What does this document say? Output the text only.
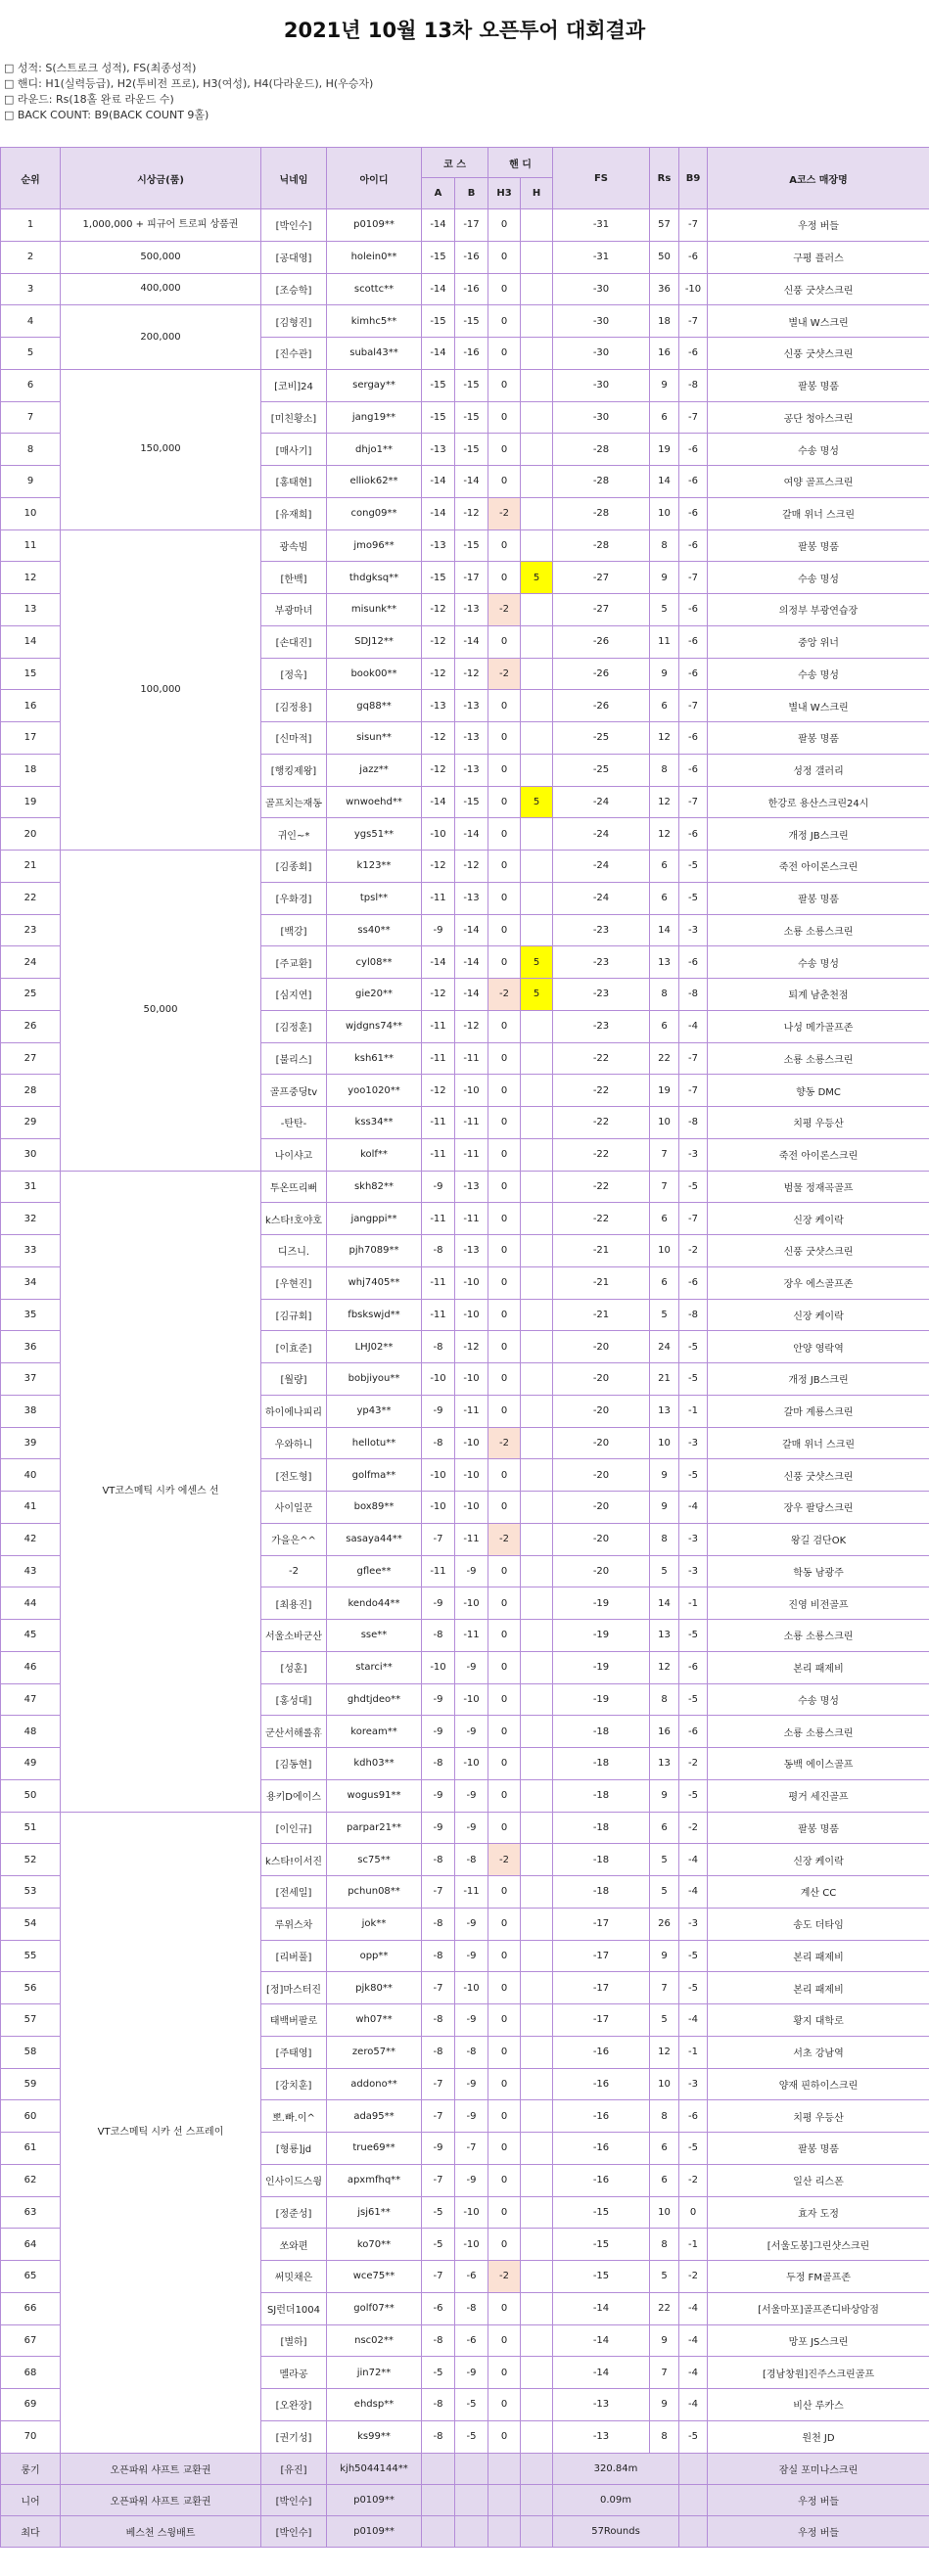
2021년 10월 13차 오픈투어 대회결과
□ 성적: S(스트로크 성적), FS(최종성적)
□ 핸디: H1(실력등급), H2(투비전 프로), H3(여성), H4(다라운드), H(우승자)
□ 라운드: Rs(18홀 완료 라운드 수)
□ BACK COUNT: B9(BACK COUNT 9홀)
순위	시상금(품)	닉네임	아이디	코 스		핸 디		FS	Rs	B9	A코스 매장명
				A	B	H3	H				
1	1,000,000 + 피규어 트로피 상품권	[박인수]	p0109**	-14	-17	0		-31	57	-7	우정 버들
2	500,000	[공대영]	holein0**	-15	-16	0		-31	50	-6	구평 플러스
3	400,000	[조승학]	scottc**	-14	-16	0		-30	36	-10	신풍 굿샷스크린
4	200,000	[김형진]	kimhc5**	-15	-15	0		-30	18	-7	별내 W스크린
5		[진수관]	subal43**	-14	-16	0		-30	16	-6	신풍 굿샷스크린
6	150,000	[코비]24	sergay**	-15	-15	0		-30	9	-8	팔봉 명품
7		[미친황소]	jang19**	-15	-15	0		-30	6	-7	공단 청아스크린
8		[매사기]	dhjo1**	-13	-15	0		-28	19	-6	수송 명성
9		[홍태현]	elliok62**	-14	-14	0		-28	14	-6	여양 골프스크린
10		[유재희]	cong09**	-14	-12	-2		-28	10	-6	갈매 위너 스크린
11	100,000	광속빔	jmo96**	-13	-15	0		-28	8	-6	팔봉 명품
12		[한백]	thdgksq**	-15	-17	0	5	-27	9	-7	수송 명성
13		부광마녀	misunk**	-12	-13	-2		-27	5	-6	의정부 부광연습장
14		[손대진]	SDJ12**	-12	-14	0		-26	11	-6	중앙 위너
15		[정옥]	book00**	-12	-12	-2		-26	9	-6	수송 명성
16		[김정용]	gq88**	-13	-13	0		-26	6	-7	별내 W스크린
17		[신마적]	sisun**	-12	-13	0		-25	12	-6	팔봉 명품
18		[행킹제왕]	jazz**	-12	-13	0		-25	8	-6	성정 갤러리
19		골프치는재동	wnwoehd**	-14	-15	0	5	-24	12	-7	한강로 용산스크린24시
20		귀인~*	ygs51**	-10	-14	0		-24	12	-6	개정 JB스크린
21	50,000	[김종회]	k123**	-12	-12	0		-24	6	-5	죽전 아이론스크린
22		[우화경]	tpsl**	-11	-13	0		-24	6	-5	팔봉 명품
23		[백강]	ss40**	-9	-14	0		-23	14	-3	소룡 소룡스크린
24		[주교환]	cyl08**	-14	-14	0	5	-23	13	-6	수송 명성
25		[심지연]	gie20**	-12	-14	-2	5	-23	8	-8	퇴계 남춘천점
26		[김정훈]	wjdgns74**	-11	-12	0		-23	6	-4	나성 메가골프존
27		[불리스]	ksh61**	-11	-11	0		-22	22	-7	소룡 소룡스크린
28		골프중딩tv	yoo1020**	-12	-10	0		-22	19	-7	향동 DMC
29		-탄탄-	kss34**	-11	-11	0		-22	10	-8	치평 우등산
30		나이샤고	kolf**	-11	-11	0		-22	7	-3	죽전 아이론스크린
31	VT코스메틱 시카 에센스 선	투온뜨리뻐	skh82**	-9	-13	0		-22	7	-5	범물 정재곡골프
32		k스타!호야호	jangppi**	-11	-11	0		-22	6	-7	신장 케이락
33		디즈니.	pjh7089**	-8	-13	0		-21	10	-2	신풍 굿샷스크린
34		[우현진]	whj7405**	-11	-10	0		-21	6	-6	장우 에스골프존
35		[김규회]	fbskswjd**	-11	-10	0		-21	5	-8	신장 케이락
36		[이효준]	LHJ02**	-8	-12	0		-20	24	-5	안양 영락역
37		[월량]	bobjiyou**	-10	-10	0		-20	21	-5	개정 JB스크린
38		하이에나피리	yp43**	-9	-11	0		-20	13	-1	갈마 계룡스크린
39		우와하니	hellotu**	-8	-10	-2		-20	10	-3	갈매 위너 스크린
40		[전도형]	golfma**	-10	-10	0		-20	9	-5	신풍 굿샷스크린
41		사이일꾼	box89**	-10	-10	0		-20	9	-4	장우 팔당스크린
42		가을은^^	sasaya44**	-7	-11	-2		-20	8	-3	왕길 검단OK
43		-2	gflee**	-11	-9	0		-20	5	-3	학동 남광주
44		[최용진]	kendo44**	-9	-10	0		-19	14	-1	진영 비전골프
45		서울소바군산	sse**	-8	-11	0		-19	13	-5	소룡 소룡스크린
46		[성훈]	starci**	-10	-9	0		-19	12	-6	본리 패제비
47		[홍성대]	ghdtjdeo**	-9	-10	0		-19	8	-5	수송 명성
48		군산서해롤휴	koream**	-9	-9	0		-18	16	-6	소룡 소룡스크린
49		[김동현]	kdh03**	-8	-10	0		-18	13	-2	동백 에이스골프
50		용키D에이스	wogus91**	-9	-9	0		-18	9	-5	평거 세진골프
51	VT코스메틱 시카 선 스프레이	[이인규]	parpar21**	-9	-9	0		-18	6	-2	팔봉 명품
52		k스타!이서진	sc75**	-8	-8	-2		-18	5	-4	신장 케이락
53		[전세일]	pchun08**	-7	-11	0		-18	5	-4	계산 CC
54		루위스차	jok**	-8	-9	0		-17	26	-3	송도 더타임
55		[리버풀]	opp**	-8	-9	0		-17	9	-5	본리 패제비
56		[정]마스터진	pjk80**	-7	-10	0		-17	7	-5	본리 패제비
57		태백버팔로	wh07**	-8	-9	0		-17	5	-4	황지 대학로
58		[주태영]	zero57**	-8	-8	0		-16	12	-1	서초 강남역
59		[강치훈]	addono**	-7	-9	0		-16	10	-3	양재 핀하이스크린
60		뽀.빠.이^	ada95**	-7	-9	0		-16	8	-6	치평 우등산
61		[형룡]jd	true69**	-9	-7	0		-16	6	-5	팔봉 명품
62		인사이드스윙	apxmfhq**	-7	-9	0		-16	6	-2	일산 리스폰
63		[정준성]	jsj61**	-5	-10	0		-15	10	0	효자 도정
64		쏘와편	ko70**	-5	-10	0		-15	8	-1	[서울도봉]그린샷스크린
65		써밋채은	wce75**	-7	-6	-2		-15	5	-2	두정 FM골프존
66		SJ런더1004	golf07**	-6	-8	0		-14	22	-4	[서울마포]골프존디바상암점
67		[별하]	nsc02**	-8	-6	0		-14	9	-4	망포 JS스크린
68		멜라공	jin72**	-5	-9	0		-14	7	-4	[경남창원]진주스크린골프
69		[오완장]	ehdsp**	-8	-5	0		-13	9	-4	비산 루카스
70		[권기성]	ks99**	-8	-5	0		-13	8	-5	원천 JD
롱기	오픈파워 샤프트 교환권	[유진]	kjh5044144**					320.84m			잠실 포미나스크린
니어	오픈파워 샤프트 교환권	[박인수]	p0109**					0.09m			우정 버들
최다	베스천 스윙배트	[박인수]	p0109**					57Rounds			우정 버들
